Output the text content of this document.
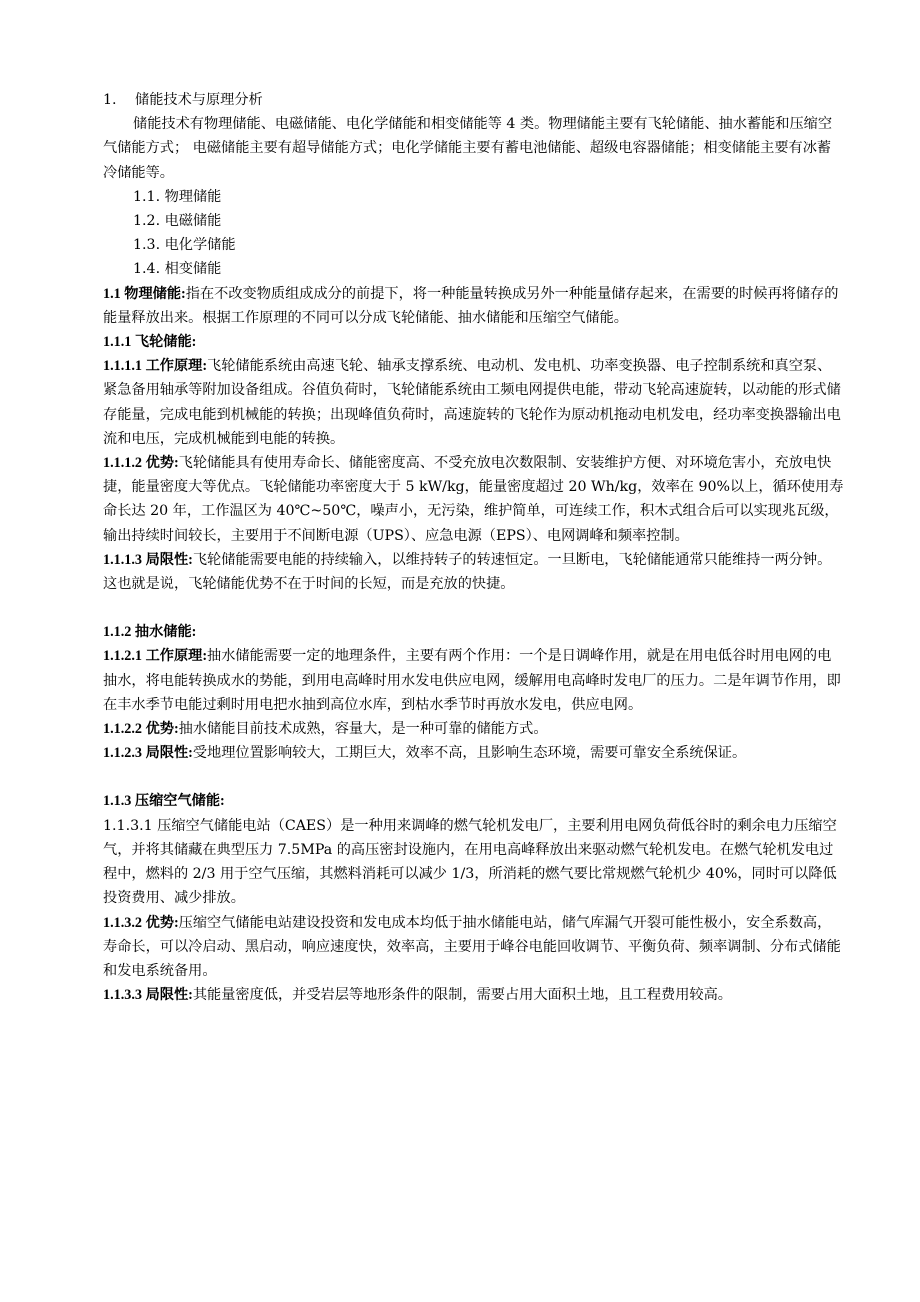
1. 储能技术与原理分析

储能技术有物理储能、电磁储能、电化学储能和相变储能等 4 类。物理储能主要有飞轮储能、抽水蓄能和压缩空气储能方式； 电磁储能主要有超导储能方式；电化学储能主要有蓄电池储能、超级电容器储能；相变储能主要有冰蓄冷储能等。

1.1. 物理储能

1.2. 电磁储能

1.3. 电化学储能

1.4. 相变储能

1.1 物理储能:指在不改变物质组成成分的前提下，将一种能量转换成另外一种能量储存起来，在需要的时候再将储存的能量释放出来。根据工作原理的不同可以分成飞轮储能、抽水储能和压缩空气储能。

1.1.1 飞轮储能:

1.1.1.1 工作原理:飞轮储能系统由高速飞轮、轴承支撑系统、电动机、发电机、功率变换器、电子控制系统和真空泵、紧急备用轴承等附加设备组成。谷值负荷时，飞轮储能系统由工频电网提供电能，带动飞轮高速旋转，以动能的形式储存能量，完成电能到机械能的转换；出现峰值负荷时，高速旋转的飞轮作为原动机拖动电机发电，经功率变换器输出电流和电压，完成机械能到电能的转换。

1.1.1.2 优势:飞轮储能具有使用寿命长、储能密度高、不受充放电次数限制、安装维护方便、对环境危害小，充放电快捷，能量密度大等优点。飞轮储能功率密度大于 5 kW/kg，能量密度超过 20 Wh/kg，效率在 90%以上，循环使用寿命长达 20 年，工作温区为 40℃~50℃，噪声小，无污染，维护简单，可连续工作，积木式组合后可以实现兆瓦级，输出持续时间较长，主要用于不间断电源（UPS）、应急电源（EPS）、电网调峰和频率控制。

1.1.1.3 局限性:飞轮储能需要电能的持续输入，以维持转子的转速恒定。一旦断电，飞轮储能通常只能维持一两分钟。这也就是说，飞轮储能优势不在于时间的长短，而是充放的快捷。

1.1.2 抽水储能:

1.1.2.1 工作原理:抽水储能需要一定的地理条件，主要有两个作用：一个是日调峰作用，就是在用电低谷时用电网的电抽水，将电能转换成水的势能，到用电高峰时用水发电供应电网，缓解用电高峰时发电厂的压力。二是年调节作用，即在丰水季节电能过剩时用电把水抽到高位水库，到枯水季节时再放水发电，供应电网。

1.1.2.2 优势:抽水储能目前技术成熟，容量大，是一种可靠的储能方式。

1.1.2.3 局限性:受地理位置影响较大，工期巨大，效率不高，且影响生态环境，需要可靠安全系统保证。

1.1.3 压缩空气储能:

1.1.3.1 压缩空气储能电站（CAES）是一种用来调峰的燃气轮机发电厂，主要利用电网负荷低谷时的剩余电力压缩空气，并将其储藏在典型压力 7.5MPa 的高压密封设施内，在用电高峰释放出来驱动燃气轮机发电。在燃气轮机发电过程中，燃料的 2/3 用于空气压缩，其燃料消耗可以减少 1/3，所消耗的燃气要比常规燃气轮机少 40%，同时可以降低投资费用、减少排放。

1.1.3.2 优势:压缩空气储能电站建设投资和发电成本均低于抽水储能电站，储气库漏气开裂可能性极小，安全系数高，寿命长，可以冷启动、黑启动，响应速度快，效率高，主要用于峰谷电能回收调节、平衡负荷、频率调制、分布式储能和发电系统备用。

1.1.3.3 局限性:其能量密度低，并受岩层等地形条件的限制，需要占用大面积土地，且工程费用较高。
